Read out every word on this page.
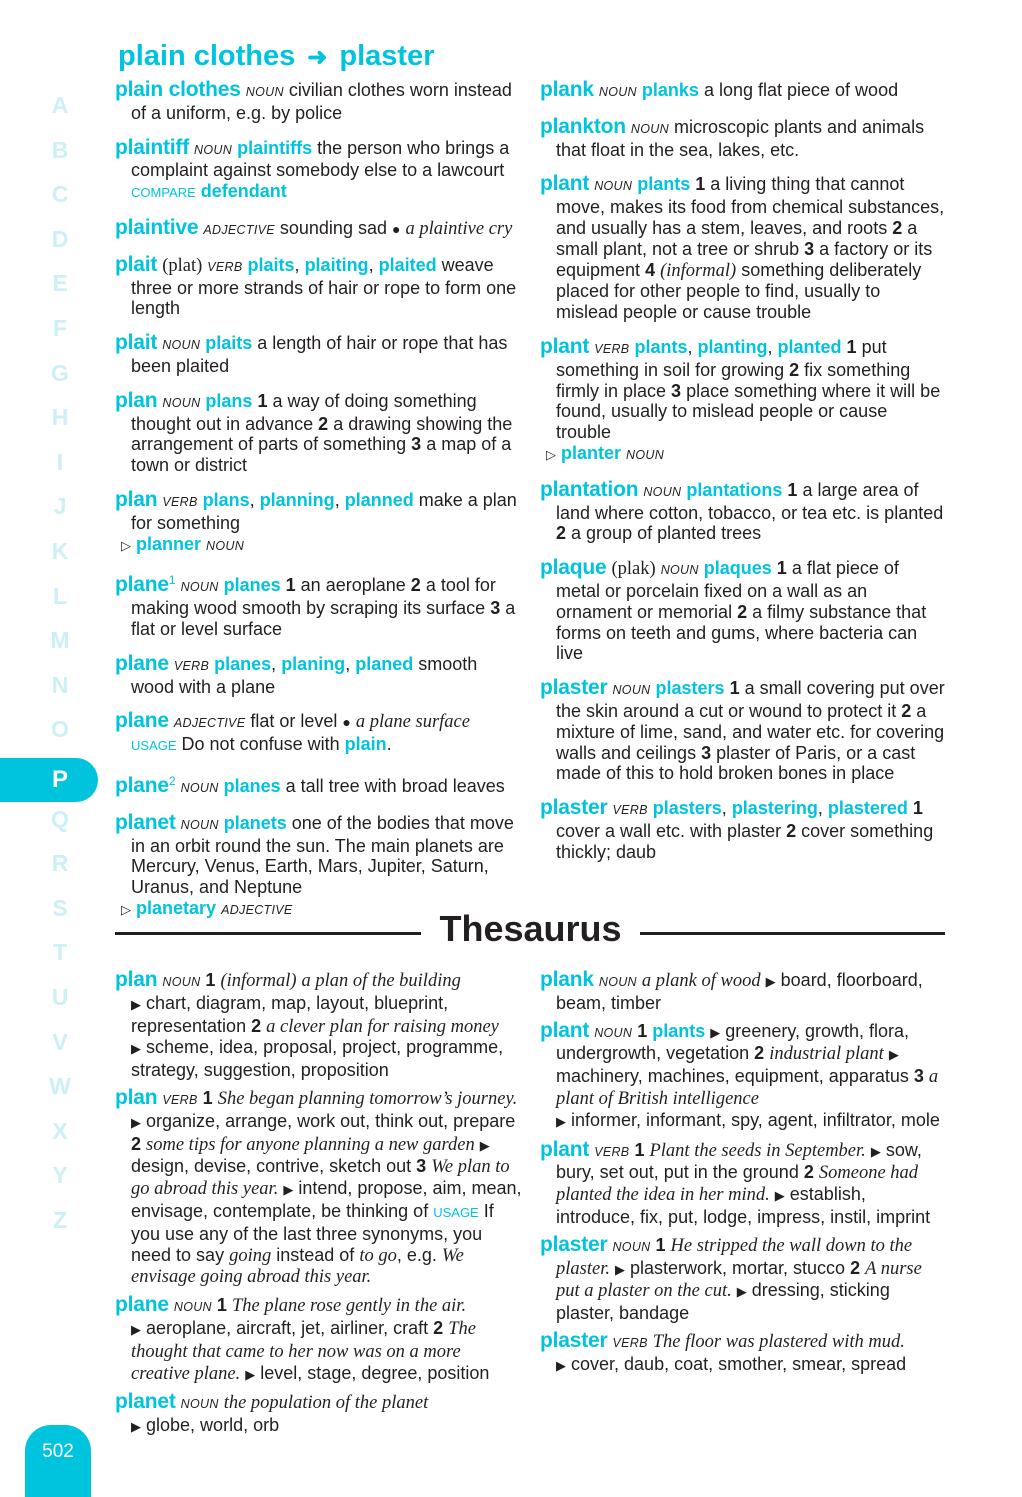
plain clothes ➜ plaster
A
B
C
D
E
F
G
H
I
J
K
L
M
N
O
Q
R
S
T
U
V
W
X
Y
Z
P
plain clothes NOUN civilian clothes worn instead of a uniform, e.g. by police
plaintiff NOUN plaintiffs the person who brings a complaint against somebody else to a lawcourt COMPARE defendant
plaintive ADJECTIVE sounding sad ● a plaintive cry
plait (plat) VERB plaits, plaiting, plaited weave three or more strands of hair or rope to form one length
plait NOUN plaits a length of hair or rope that has been plaited
plan NOUN plans 1 a way of doing something thought out in advance 2 a drawing showing the arrangement of parts of something 3 a map of a town or district
plan VERB plans, planning, planned make a plan for something
▷ planner NOUN
plane$^1$ NOUN planes 1 an aeroplane 2 a tool for making wood smooth by scraping its surface 3 a flat or level surface
plane VERB planes, planing, planed smooth wood with a plane
plane ADJECTIVE flat or level ● a plane surface
USAGE Do not confuse with plain.
plane$^2$ NOUN planes a tall tree with broad leaves
planet NOUN planets one of the bodies that move in an orbit round the sun. The main planets are Mercury, Venus, Earth, Mars, Jupiter, Saturn, Uranus, and Neptune
▷ planetary ADJECTIVE
plank NOUN planks a long flat piece of wood
plankton NOUN microscopic plants and animals that float in the sea, lakes, etc.
plant NOUN plants 1 a living thing that cannot move, makes its food from chemical substances, and usually has a stem, leaves, and roots 2 a small plant, not a tree or shrub 3 a factory or its equipment 4 (informal) something deliberately placed for other people to find, usually to mislead people or cause trouble
plant VERB plants, planting, planted 1 put something in soil for growing 2 fix something firmly in place 3 place something where it will be found, usually to mislead people or cause trouble
▷ planter NOUN
plantation NOUN plantations 1 a large area of land where cotton, tobacco, or tea etc. is planted 2 a group of planted trees
plaque (plak) NOUN plaques 1 a flat piece of metal or porcelain fixed on a wall as an ornament or memorial 2 a filmy substance that forms on teeth and gums, where bacteria can live
plaster NOUN plasters 1 a small covering put over the skin around a cut or wound to protect it 2 a mixture of lime, sand, and water etc. for covering walls and ceilings 3 plaster of Paris, or a cast made of this to hold broken bones in place
plaster VERB plasters, plastering, plastered 1 cover a wall etc. with plaster 2 cover something thickly; daub
Thesaurus
plan NOUN 1 (informal) a plan of the building
▶ chart, diagram, map, layout, blueprint, representation 2 a clever plan for raising money
▶ scheme, idea, proposal, project, programme, strategy, suggestion, proposition
plan VERB 1 She began planning tomorrow’s journey. ▶ organize, arrange, work out, think out, prepare 2 some tips for anyone planning a new garden ▶ design, devise, contrive, sketch out 3 We plan to go abroad this year. ▶ intend, propose, aim, mean, envisage, contemplate, be thinking of USAGE If you use any of the last three synonyms, you need to say going instead of to go, e.g. We envisage going abroad this year.
plane NOUN 1 The plane rose gently in the air.
▶ aeroplane, aircraft, jet, airliner, craft 2 The thought that came to her now was on a more creative plane. ▶ level, stage, degree, position
planet NOUN the population of the planet
▶ globe, world, orb
plank NOUN a plank of wood ▶ board, floorboard, beam, timber
plant NOUN 1 plants ▶ greenery, growth, flora, undergrowth, vegetation 2 industrial plant ▶ machinery, machines, equipment, apparatus 3 a plant of British intelligence
▶ informer, informant, spy, agent, infiltrator, mole
plant VERB 1 Plant the seeds in September. ▶ sow, bury, set out, put in the ground 2 Someone had planted the idea in her mind. ▶ establish, introduce, fix, put, lodge, impress, instil, imprint
plaster NOUN 1 He stripped the wall down to the plaster. ▶ plasterwork, mortar, stucco 2 A nurse put a plaster on the cut. ▶ dressing, sticking plaster, bandage
plaster VERB The floor was plastered with mud.
▶ cover, daub, coat, smother, smear, spread
502
